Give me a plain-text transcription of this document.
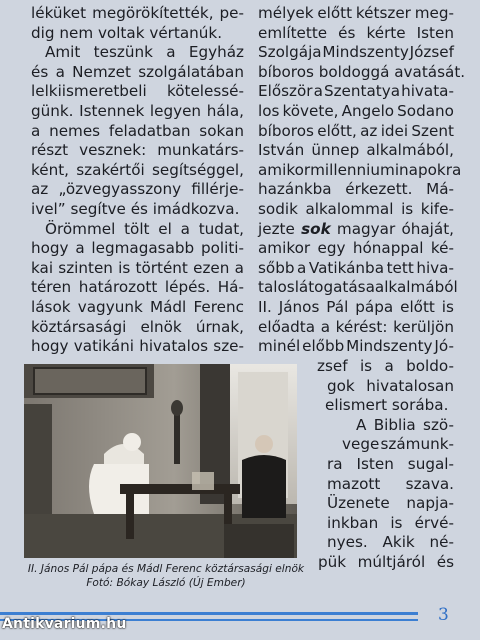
léküket megörökítették, pe-
dig nem voltak vértanúk.
Amit teszünk a Egyház
és a Nemzet szolgálatában
lelkiismeretbeli kötelessé-
günk. Istennek legyen hála,
a nemes feladatban sokan
részt vesznek: munkatárs-
ként, szakértői segítséggel,
az „özvegyasszony fillérje-
ivel” segítve és imádkozva.
Örömmel tölt el a tudat,
hogy a legmagasabb politi-
kai szinten is történt ezen a
téren határozott lépés. Há-
lások vagyunk Mádl Ferenc
köztársasági elnök úrnak,
hogy vatikáni hivatalos sze-
mélyek előtt kétszer meg-
említette és kérte Isten
Szolgája Mindszenty József
bíboros boldoggá avatását.
Először a Szentatya hivata-
los követe, Angelo Sodano
bíboros előtt, az idei Szent
István ünnep alkalmából,
amikor millenniumi napokra
hazánkba érkezett. Má-
sodik alkalommal is kife-
jezte sok magyar óhaját,
amikor egy hónappal ké-
sőbb a Vatikánba tett hiva-
talos látogatása alkalmából
II. János Pál pápa előtt is
előadta a kérést: kerüljön
minél előbb Mindszenty Jó-
zsef is a boldo-
gok hivatalosan
elismert sorába.
A Biblia szö-
vege számunk-
ra Isten sugal-
mazott szava.
Üzenete napja-
inkban is érvé-
nyes. Akik né-
pük múltjáról és
II. János Pál pápa és Mádl Ferenc köztársasági elnök
Fotó: Bókay László (Új Ember)
3
Antikvarium.hu
